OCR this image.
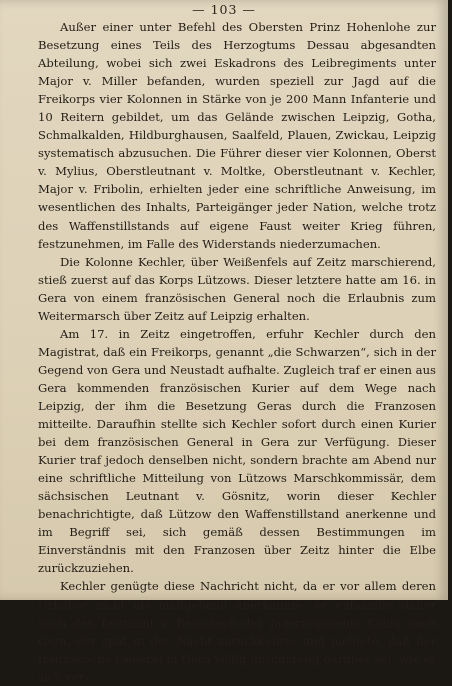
— 103 —

Außer einer unter Befehl des Obersten Prinz Hohenlohe zur Besetzung eines Teils des Herzogtums Dessau abgesandten Abteilung, wobei sich zwei Eskadrons des Leibregiments unter Major v. Miller befanden, wurden speziell zur Jagd auf die Freikorps vier Kolonnen in Stärke von je 200 Mann Infanterie und 10 Reitern gebildet, um das Gelände zwischen Leipzig, Gotha, Schmalkalden, Hildburghausen, Saalfeld, Plauen, Zwickau, Leipzig systematisch abzusuchen. Die Führer dieser vier Kolonnen, Oberst v. Mylius, Oberstleutnant v. Moltke, Oberstleutnant v. Kechler, Major v. Fribolin, erhielten jeder eine schriftliche Anweisung, im wesentlichen des Inhalts, Parteigänger jeder Nation, welche trotz des Waffenstillstands auf eigene Faust weiter Krieg führen, festzunehmen, im Falle des Widerstands niederzumachen.

Die Kolonne Kechler, über Weißenfels auf Zeitz marschierend, stieß zuerst auf das Korps Lützows. Dieser letztere hatte am 16. in Gera von einem französischen General noch die Erlaubnis zum Weitermarsch über Zeitz auf Leipzig erhalten.

Am 17. in Zeitz eingetroffen, erfuhr Kechler durch den Magistrat, daß ein Freikorps, genannt „die Schwarzen“, sich in der Gegend von Gera und Neustadt aufhalte. Zugleich traf er einen aus Gera kommenden französischen Kurier auf dem Wege nach Leipzig, der ihm die Besetzung Geras durch die Franzosen mitteilte. Daraufhin stellte sich Kechler sofort durch einen Kurier bei dem französischen General in Gera zur Verfügung. Dieser Kurier traf jedoch denselben nicht, sondern brachte am Abend nur eine schriftliche Mitteilung von Lützows Marschkommissär, dem sächsischen Leutnant v. Gösnitz, worin dieser Kechler benachrichtigte, daß Lützow den Waffenstillstand anerkenne und im Begriff sei, sich gemäß dessen Bestimmungen im Einverständnis mit den Franzosen über Zeitz hinter die Elbe zurückzuziehen.

Kechler genügte diese Nachricht nicht, da er vor allem deren Urheber nicht als maßgebend anerkannte, er entsandte daher noch den Leutnant v. Reischach des Jägerregiments König nach Gera, der spät in der Nacht zurückkehrte und meldete, daß der französische General in Gera völlig unschlüssig darüber sei, wie er sich ver-
